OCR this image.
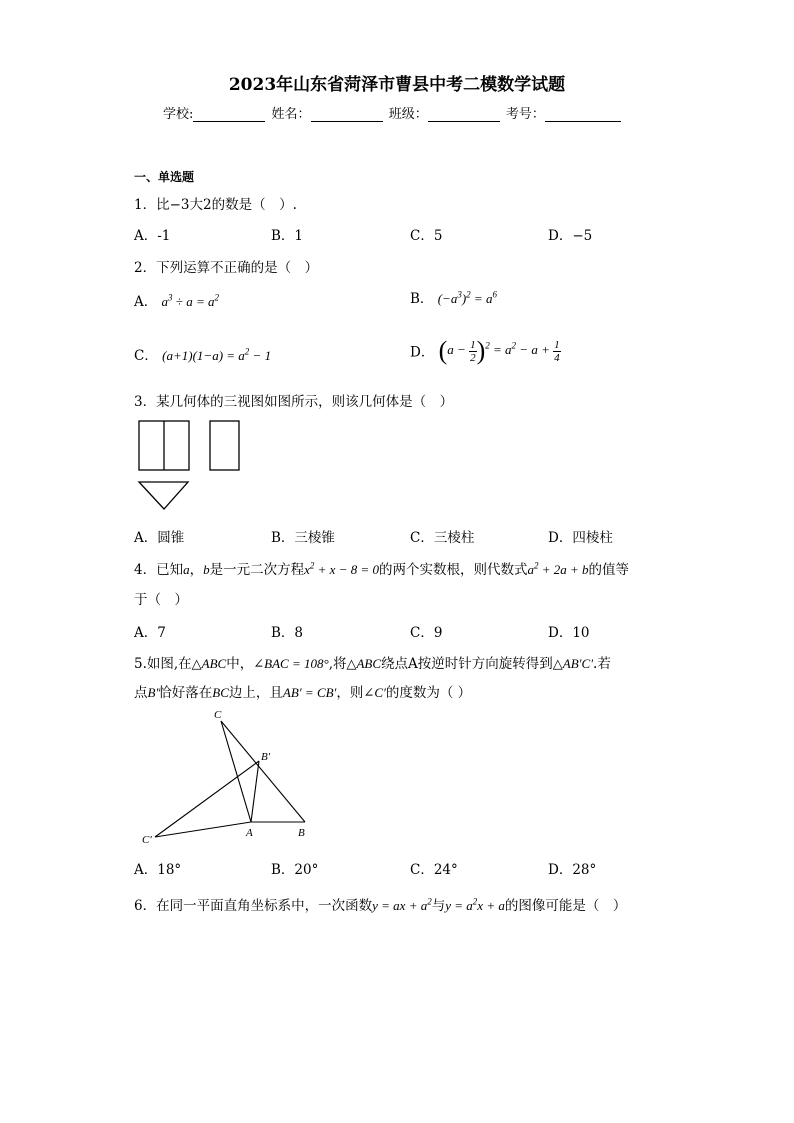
2023年山东省菏泽市曹县中考二模数学试题
学校:	姓名：	班级：	考号：
一、单选题
1．比−3大2的数是（　）.
A．-1	B．1	C．5	D．−5
2．下列运算不正确的是（　）
A． $a^3 \div a = a^2$	B． $(-a^3)^2 = a^6$
C． $(a+1)(1-a) = a^2 - 1$	D． $(a - \frac{1}{2} )^2 = a^2 - a + \frac{1}{4}$
3．某几何体的三视图如图所示，则该几何体是（　）
A．圆锥	B．三棱锥	C．三棱柱	D．四棱柱
4．已知a，b是一元二次方程$x^2 + x - 8 = 0$的两个实数根，则代数式$a^2 + 2a + b$的值等
于（　）
A．7	B．8	C．9	D．10
5.如图,在△ABC中，∠BAC = 108°,将△ABC绕点A按逆时针方向旋转得到△AB′C′.若
点B′恰好落在BC边上，且AB′ = CB′，则∠C′的度数为（ ）
C
B'
C'
A	B
A．18°	B．20°	C．24°	D．28°
6．在同一平面直角坐标系中，一次函数y = ax + $a^2$与$y = a^2x + a$的图像可能是（　）
